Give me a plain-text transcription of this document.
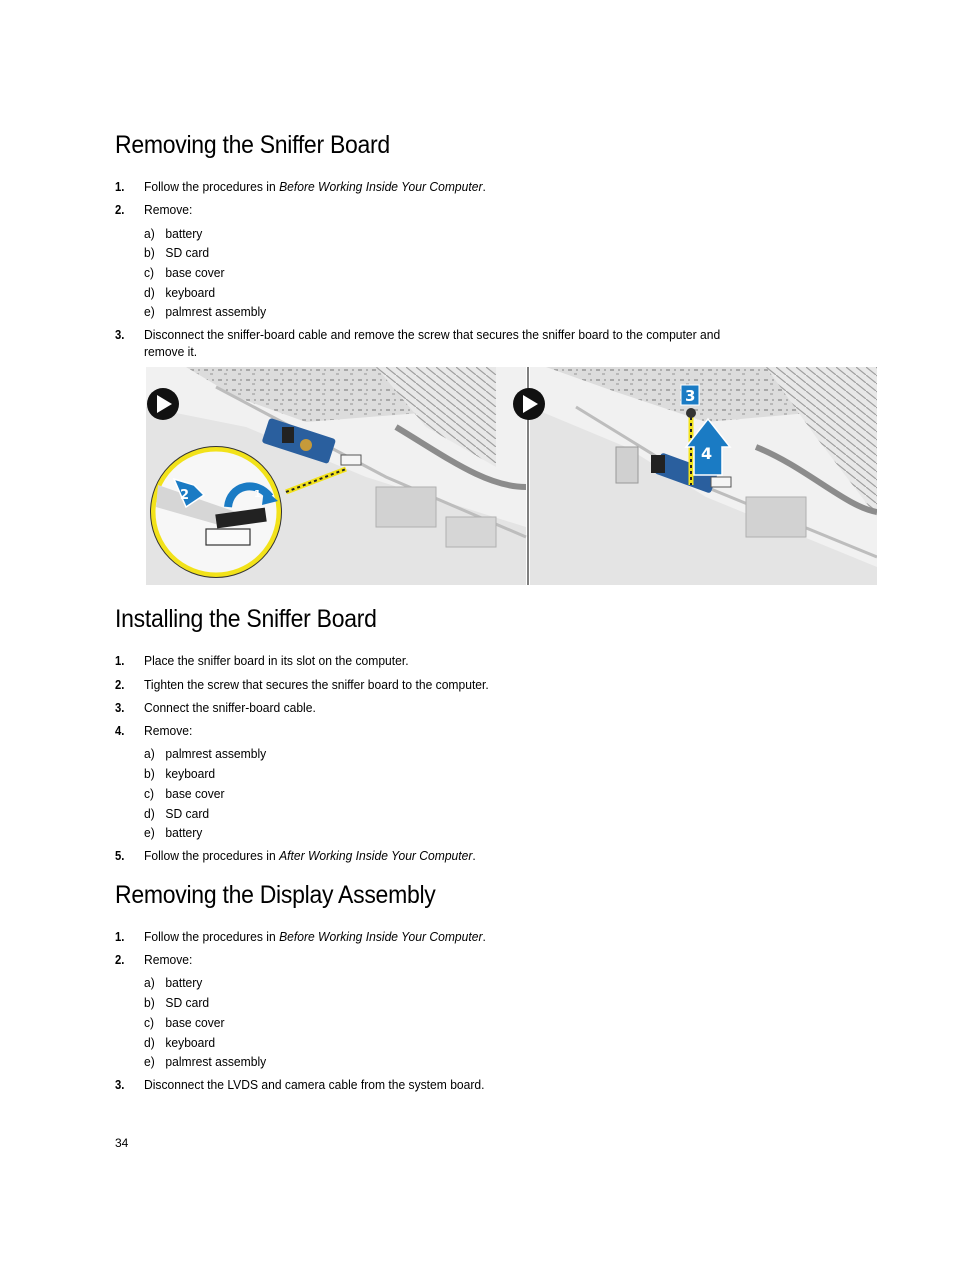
Removing the Sniffer Board
1. Follow the procedures in Before Working Inside Your Computer.
2. Remove:
a) battery
b) SD card
c) base cover
d) keyboard
e) palmrest assembly
3. Disconnect the sniffer-board cable and remove the screw that secures the sniffer board to the computer and remove it.
2	1
3
4
Installing the Sniffer Board
1. Place the sniffer board in its slot on the computer.
2. Tighten the screw that secures the sniffer board to the computer.
3. Connect the sniffer-board cable.
4. Remove:
a) palmrest assembly
b) keyboard
c) base cover
d) SD card
e) battery
5. Follow the procedures in After Working Inside Your Computer.
Removing the Display Assembly
1. Follow the procedures in Before Working Inside Your Computer.
2. Remove:
a) battery
b) SD card
c) base cover
d) keyboard
e) palmrest assembly
3. Disconnect the LVDS and camera cable from the system board.
34
